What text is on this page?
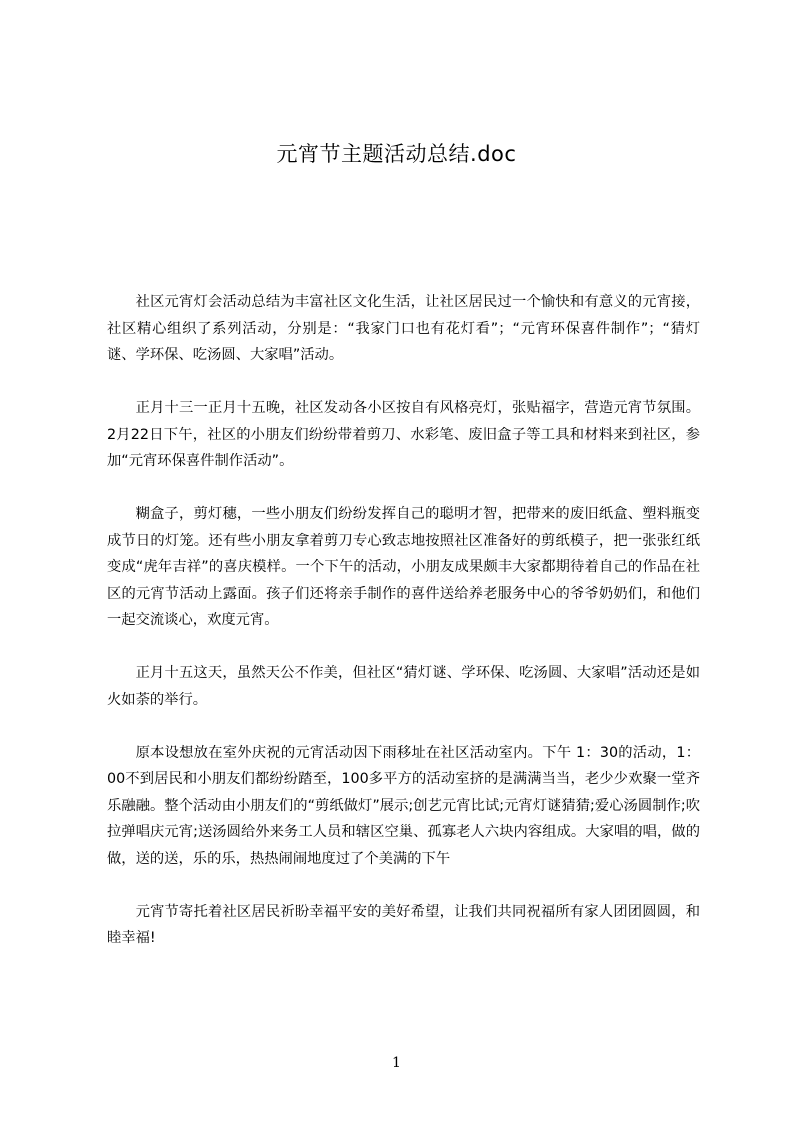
元宵节主题活动总结.doc

社区元宵灯会活动总结为丰富社区文化生活，让社区居民过一个愉快和有意义的元宵接，社区精心组织了系列活动，分别是：“我家门口也有花灯看”；“元宵环保喜件制作”；“猜灯谜、学环保、吃汤圆、大家唱”活动。

正月十三一正月十五晚，社区发动各小区按自有风格亮灯，张贴福字，营造元宵节氛围。2月22日下午，社区的小朋友们纷纷带着剪刀、水彩笔、废旧盒子等工具和材料来到社区，参加“元宵环保喜件制作活动”。

糊盒子，剪灯穗，一些小朋友们纷纷发挥自己的聪明才智，把带来的废旧纸盒、塑料瓶变成节日的灯笼。还有些小朋友拿着剪刀专心致志地按照社区准备好的剪纸模子，把一张张红纸变成“虎年吉祥”的喜庆模样。一个下午的活动，小朋友成果颇丰大家都期待着自己的作品在社区的元宵节活动上露面。孩子们还将亲手制作的喜件送给养老服务中心的爷爷奶奶们，和他们一起交流谈心，欢度元宵。

正月十五这天，虽然天公不作美，但社区“猜灯谜、学环保、吃汤圆、大家唱”活动还是如火如荼的举行。

原本设想放在室外庆祝的元宵活动因下雨移址在社区活动室内。下午 1：30的活动，1：00不到居民和小朋友们都纷纷踏至，100多平方的活动室挤的是满满当当，老少少欢聚一堂齐乐融融。整个活动由小朋友们的“剪纸做灯”展示;创艺元宵比试;元宵灯谜猜猜;爱心汤圆制作;吹拉弹唱庆元宵;送汤圆给外来务工人员和辖区空巢、孤寡老人六块内容组成。大家唱的唱，做的做，送的送，乐的乐，热热闹闹地度过了个美满的下午

元宵节寄托着社区居民祈盼幸福平安的美好希望，让我们共同祝福所有家人团团圆圆，和睦幸福!

1
